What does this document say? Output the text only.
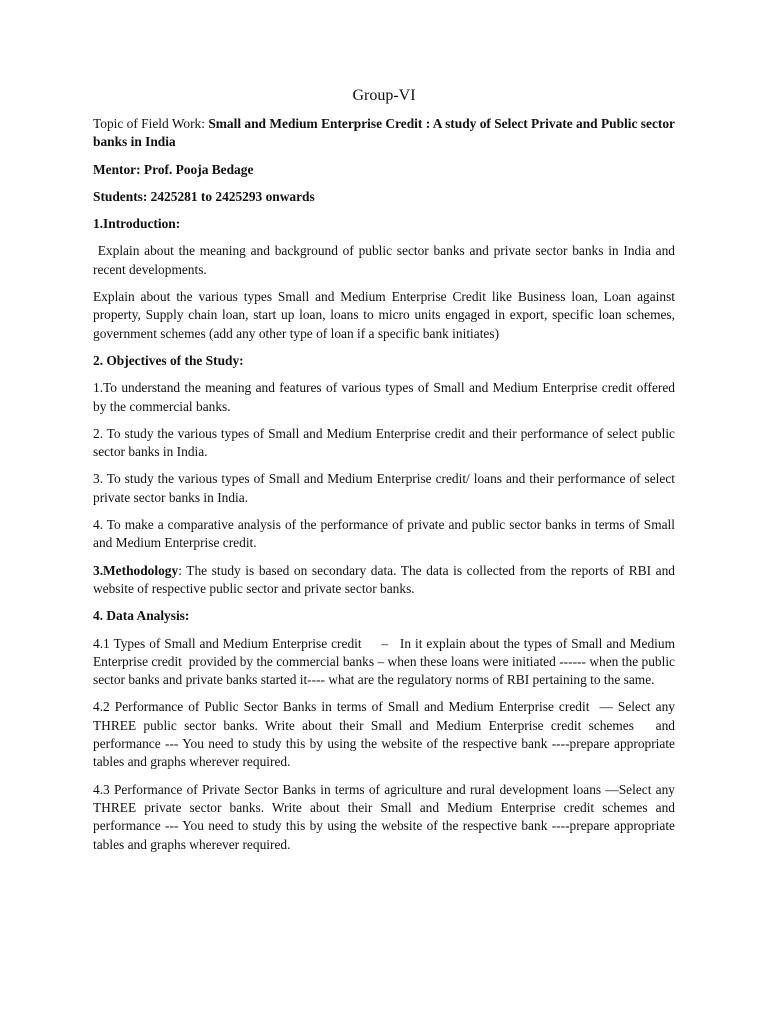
Group-VI

Topic of Field Work: Small and Medium Enterprise Credit : A study of Select Private and Public sector banks in India

Mentor: Prof. Pooja Bedage

Students: 2425281 to 2425293 onwards

1.Introduction:

Explain about the meaning and background of public sector banks and private sector banks in India and recent developments.

Explain about the various types Small and Medium Enterprise Credit like Business loan, Loan against property, Supply chain loan, start up loan, loans to micro units engaged in export, specific loan schemes, government schemes (add any other type of loan if a specific bank initiates)

2. Objectives of the Study:

1.To understand the meaning and features of various types of Small and Medium Enterprise credit offered by the commercial banks.

2. To study the various types of Small and Medium Enterprise credit and their performance of select public sector banks in India.

3. To study the various types of Small and Medium Enterprise credit/ loans and their performance of select private sector banks in India.

4. To make a comparative analysis of the performance of private and public sector banks in terms of Small and Medium Enterprise credit.

3.Methodology: The study is based on secondary data. The data is collected from the reports of RBI and website of respective public sector and private sector banks.

4. Data Analysis:

4.1 Types of Small and Medium Enterprise credit     –   In it explain about the types of Small and Medium Enterprise credit  provided by the commercial banks – when these loans were initiated ------ when the public sector banks and private banks started it---- what are the regulatory norms of RBI pertaining to the same.

4.2 Performance of Public Sector Banks in terms of Small and Medium Enterprise credit  — Select any THREE public sector banks. Write about their Small and Medium Enterprise credit schemes   and performance --- You need to study this by using the website of the respective bank ----prepare appropriate tables and graphs wherever required.

4.3 Performance of Private Sector Banks in terms of agriculture and rural development loans —Select any THREE private sector banks. Write about their Small and Medium Enterprise credit schemes and performance --- You need to study this by using the website of the respective bank ----prepare appropriate tables and graphs wherever required.
